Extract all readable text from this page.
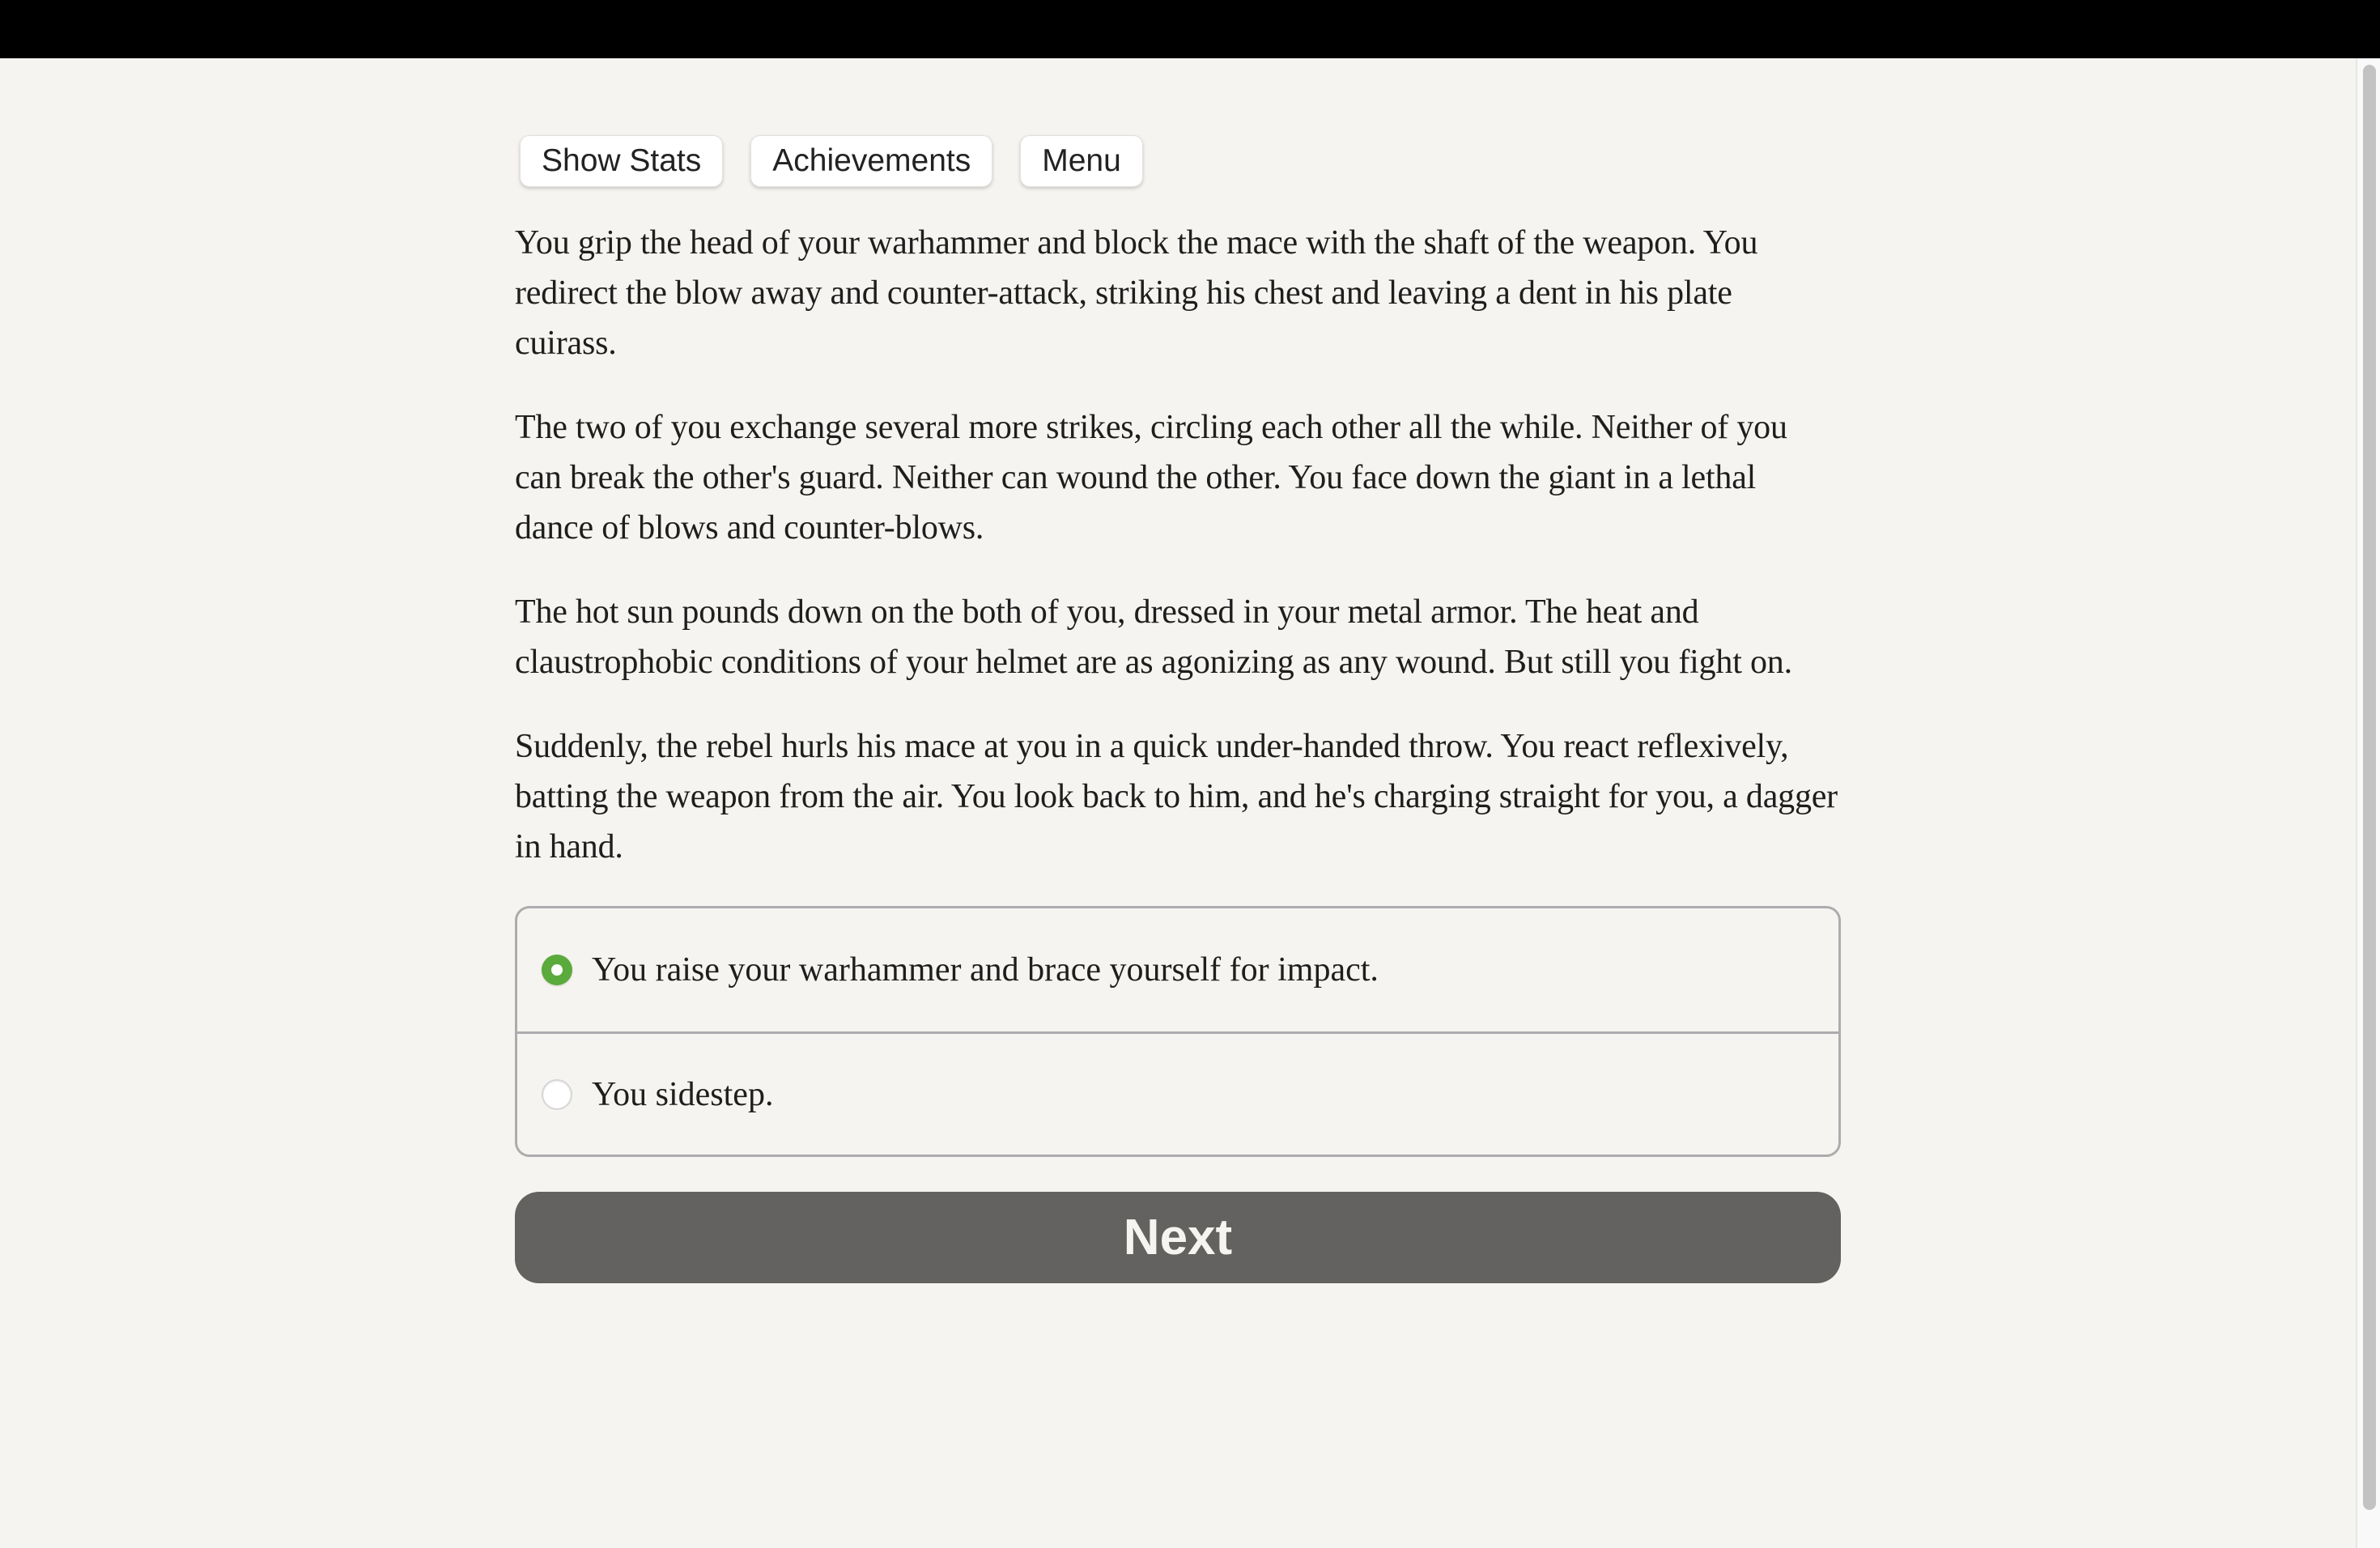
Show Stats	Achievements	Menu

You grip the head of your warhammer and block the mace with the shaft of the weapon. You redirect the blow away and counter-attack, striking his chest and leaving a dent in his plate cuirass.

The two of you exchange several more strikes, circling each other all the while. Neither of you can break the other's guard. Neither can wound the other. You face down the giant in a lethal dance of blows and counter-blows.

The hot sun pounds down on the both of you, dressed in your metal armor. The heat and claustrophobic conditions of your helmet are as agonizing as any wound. But still you fight on.

Suddenly, the rebel hurls his mace at you in a quick under-handed throw. You react reflexively, batting the weapon from the air. You look back to him, and he's charging straight for you, a dagger in hand.

You raise your warhammer and brace yourself for impact.
You sidestep.
Next
